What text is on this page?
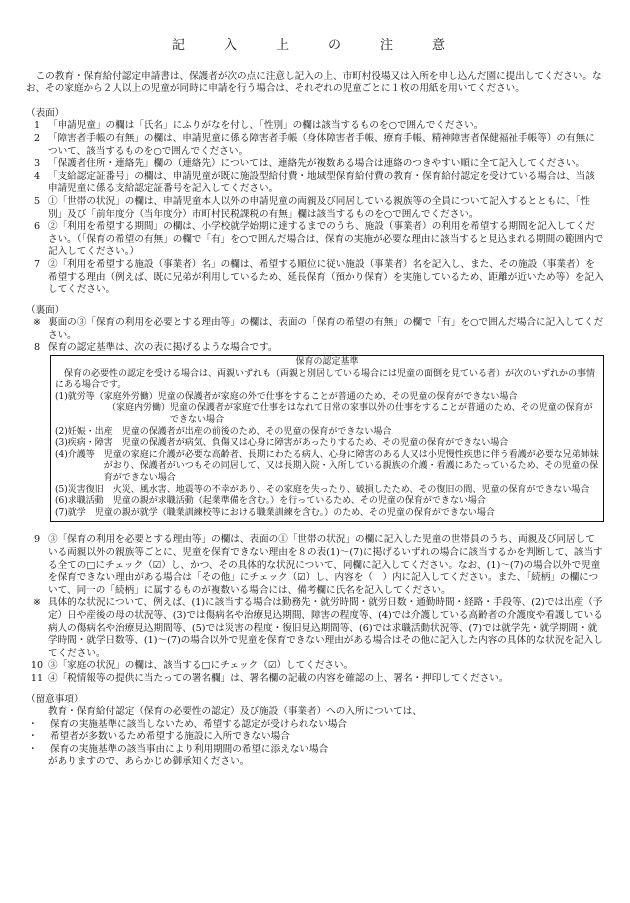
記　入　上　の　注　意
この教育・保育給付認定申請書は、保護者が次の点に注意し記入の上、市町村役場又は入所を申し込んだ園に提出してください。なお、その家庭から２人以上の児童が同時に申請を行う場合は、それぞれの児童ごとに１枚の用紙を用いてください。
（表面）
1 「申請児童」の欄は「氏名」にふりがなを付し、「性別」の欄は該当するものを○で囲んでください。
2 「障害者手帳の有無」の欄は、申請児童に係る障害者手帳（身体障害者手帳、療育手帳、精神障害者保健福祉手帳等）の有無について、該当するものを○で囲んでください。
3 「保護者住所・連絡先」欄の（連絡先）については、連絡先が複数ある場合は連絡のつきやすい順に全て記入してください。
4 「支給認定証番号」の欄は、申請児童が既に施設型給付費・地域型保育給付費の教育・保育給付認定を受けている場合は、当該申請児童に係る支給認定証番号を記入してください。
5 ①「世帯の状況」の欄は、申請児童本人以外の申請児童の両親及び同居している親族等の全員について記入するとともに、「性別」及び「前年度分（当年度分）市町村民税課税の有無」欄は該当するものを○で囲んでください。
6 ②「利用を希望する期間」の欄は、小学校就学始期に達するまでのうち、施設（事業者）の利用を希望する期間を記入してください。（「保育の希望の有無」の欄で「有」を○で囲んだ場合は、保育の実施が必要な理由に該当すると見込まれる期間の範囲内で記入してください。）
7 ②「利用を希望する施設（事業者）名」の欄は、希望する順位に従い施設（事業者）名を記入し、また、その施設（事業者）を希望する理由（例えば、既に兄弟が利用しているため、延長保育（預かり保育）を実施しているため、距離が近いため等）を記入してください。
（裏面）
※ 裏面の③「保育の利用を必要とする理由等」の欄は、表面の「保育の希望の有無」の欄で「有」を○で囲んだ場合に記入してください。
8 保育の認定基準は、次の表に掲げるような場合です。
保育の認定基準
保育の必要性の認定を受ける場合は、両親いずれも（両親と別居している場合には児童の面倒を見ている者）が次のいずれかの事情にある場合です。
(1)就労等（家庭外労働） 児童の保護者が家庭の外で仕事をすることが普通のため、その児童の保育ができない場合
（家庭内労働） 児童の保護者が家庭で仕事をはなれて日常の家事以外の仕事をすることが普通のため、その児童の保育ができない場合
(2)妊娠・出産　 児童の保護者が出産の前後のため、その児童の保育ができない場合
(3)疾病・障害　 児童の保護者が病気、負傷又は心身に障害があったりするため、その児童の保育ができない場合
(4)介護等　 児童の家庭に介護が必要な高齢者、長期にわたる病人、心身に障害のある人又は小児慢性疾患に伴う看護が必要な兄弟姉妹がおり、保護者がいつもその同居して、又は長期入院・入所している親族の介護・看護にあたっているため、その児童の保育ができない場合
(5)災害復旧　 火災、風水害、地震等の不幸があり、その家庭を失ったり、破損したため、その復旧の間、児童の保育ができない場合
(6)求職活動　 児童の親が求職活動（起業準備を含む。）を行っているため、その児童の保育ができない場合
(7)就学　 児童の親が就学（職業訓練校等における職業訓練を含む。）のため、その児童の保育ができない場合
9 ③「保育の利用を必要とする理由等」の欄は、表面の①「世帯の状況」の欄に記入した児童の世帯員のうち、両親及び同居している両親以外の親族等ごとに、児童を保育できない理由を８の表(1)～(7)に掲げるいずれの場合に該当するかを判断して、該当する全ての□にチェック（☑）し、かつ、その具体的な状況について、同欄に記入してください。なお、(1)～(7)の場合以外で児童を保育できない理由がある場合は「その他」にチェック（☑）し、内容を（　）内に記入してください。また、「続柄」の欄について、同一の「続柄」に属するものが複数いる場合には、備考欄に氏名を記入してください。
※ 具体的な状況について、例えば、(1)に該当する場合は勤務先・就労時間・就労日数・通勤時間・経路・手段等、(2)では出産（予定）日や産後の母の状況等、(3)では傷病名や治療見込期間、障害の程度等、(4)では介護している高齢者の介護度や看護している病人の傷病名や治療見込期間等、(5)では災害の程度・復旧見込期間等、(6)では求職活動状況等、(7)では就学先・就学期間・就学時間・就学日数等、(1)～(7)の場合以外で児童を保育できない理由がある場合はその他に記入した内容の具体的な状況を記入してください。
10 ③「家庭の状況」の欄は、該当する□にチェック（☑）してください。
11 ④「税情報等の提供に当たっての署名欄」は、署名欄の記載の内容を確認の上、署名・押印してください。
（留意事項）
教育・保育給付認定（保育の必要性の認定）及び施設（事業者）への入所については、
・	保育の実施基準に該当しないため、希望する認定が受けられない場合
・	希望者が多数いるため希望する施設に入所できない場合
・	保育の実施基準の該当事由により利用期間の希望に添えない場合
がありますので、あらかじめ御承知ください。
